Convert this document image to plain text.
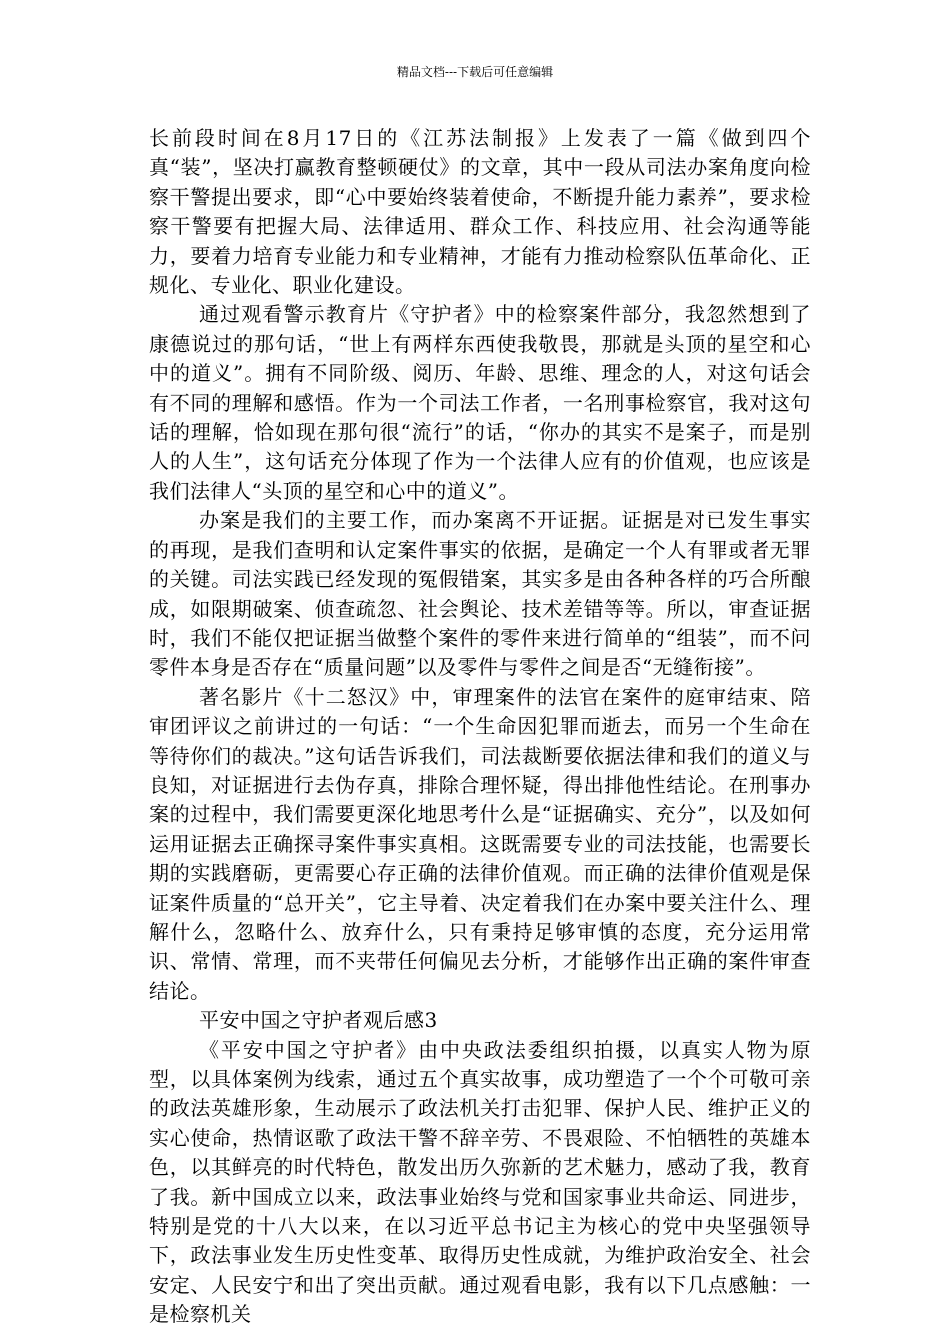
精品文档---下载后可任意编辑

长前段时间在8月17日的《江苏法制报》上发表了一篇《做到四个真“装”，坚决打赢教育整顿硬仗》的文章，其中一段从司法办案角度向检察干警提出要求，即“心中要始终装着使命，不断提升能力素养”，要求检察干警要有把握大局、法律适用、群众工作、科技应用、社会沟通等能力，要着力培育专业能力和专业精神，才能有力推动检察队伍革命化、正规化、专业化、职业化建设。

通过观看警示教育片《守护者》中的检察案件部分，我忽然想到了康德说过的那句话，“世上有两样东西使我敬畏，那就是头顶的星空和心中的道义”。拥有不同阶级、阅历、年龄、思维、理念的人，对这句话会有不同的理解和感悟。作为一个司法工作者，一名刑事检察官，我对这句话的理解，恰如现在那句很“流行”的话，“你办的其实不是案子，而是别人的人生”，这句话充分体现了作为一个法律人应有的价值观，也应该是我们法律人“头顶的星空和心中的道义”。

办案是我们的主要工作，而办案离不开证据。证据是对已发生事实的再现，是我们查明和认定案件事实的依据，是确定一个人有罪或者无罪的关键。司法实践已经发现的冤假错案，其实多是由各种各样的巧合所酿成，如限期破案、侦查疏忽、社会舆论、技术差错等等。所以，审查证据时，我们不能仅把证据当做整个案件的零件来进行简单的“组装”，而不问零件本身是否存在“质量问题”以及零件与零件之间是否“无缝衔接”。

著名影片《十二怒汉》中，审理案件的法官在案件的庭审结束、陪审团评议之前讲过的一句话：“一个生命因犯罪而逝去，而另一个生命在等待你们的裁决。”这句话告诉我们，司法裁断要依据法律和我们的道义与良知，对证据进行去伪存真，排除合理怀疑，得出排他性结论。在刑事办案的过程中，我们需要更深化地思考什么是“证据确实、充分”，以及如何运用证据去正确探寻案件事实真相。这既需要专业的司法技能，也需要长期的实践磨砺，更需要心存正确的法律价值观。而正确的法律价值观是保证案件质量的“总开关”，它主导着、决定着我们在办案中要关注什么、理解什么，忽略什么、放弃什么，只有秉持足够审慎的态度，充分运用常识、常情、常理，而不夹带任何偏见去分析，才能够作出正确的案件审查结论。

平安中国之守护者观后感3

《平安中国之守护者》由中央政法委组织拍摄，以真实人物为原型，以具体案例为线索，通过五个真实故事，成功塑造了一个个可敬可亲的政法英雄形象，生动展示了政法机关打击犯罪、保护人民、维护正义的实心使命，热情讴歌了政法干警不辞辛劳、不畏艰险、不怕牺牲的英雄本色，以其鲜亮的时代特色，散发出历久弥新的艺术魅力，感动了我，教育了我。新中国成立以来，政法事业始终与党和国家事业共命运、同进步，特别是党的十八大以来，在以习近平总书记主为核心的党中央坚强领导下，政法事业发生历史性变革、取得历史性成就，为维护政治安全、社会安定、人民安宁和出了突出贡献。通过观看电影，我有以下几点感触：一是检察机关
